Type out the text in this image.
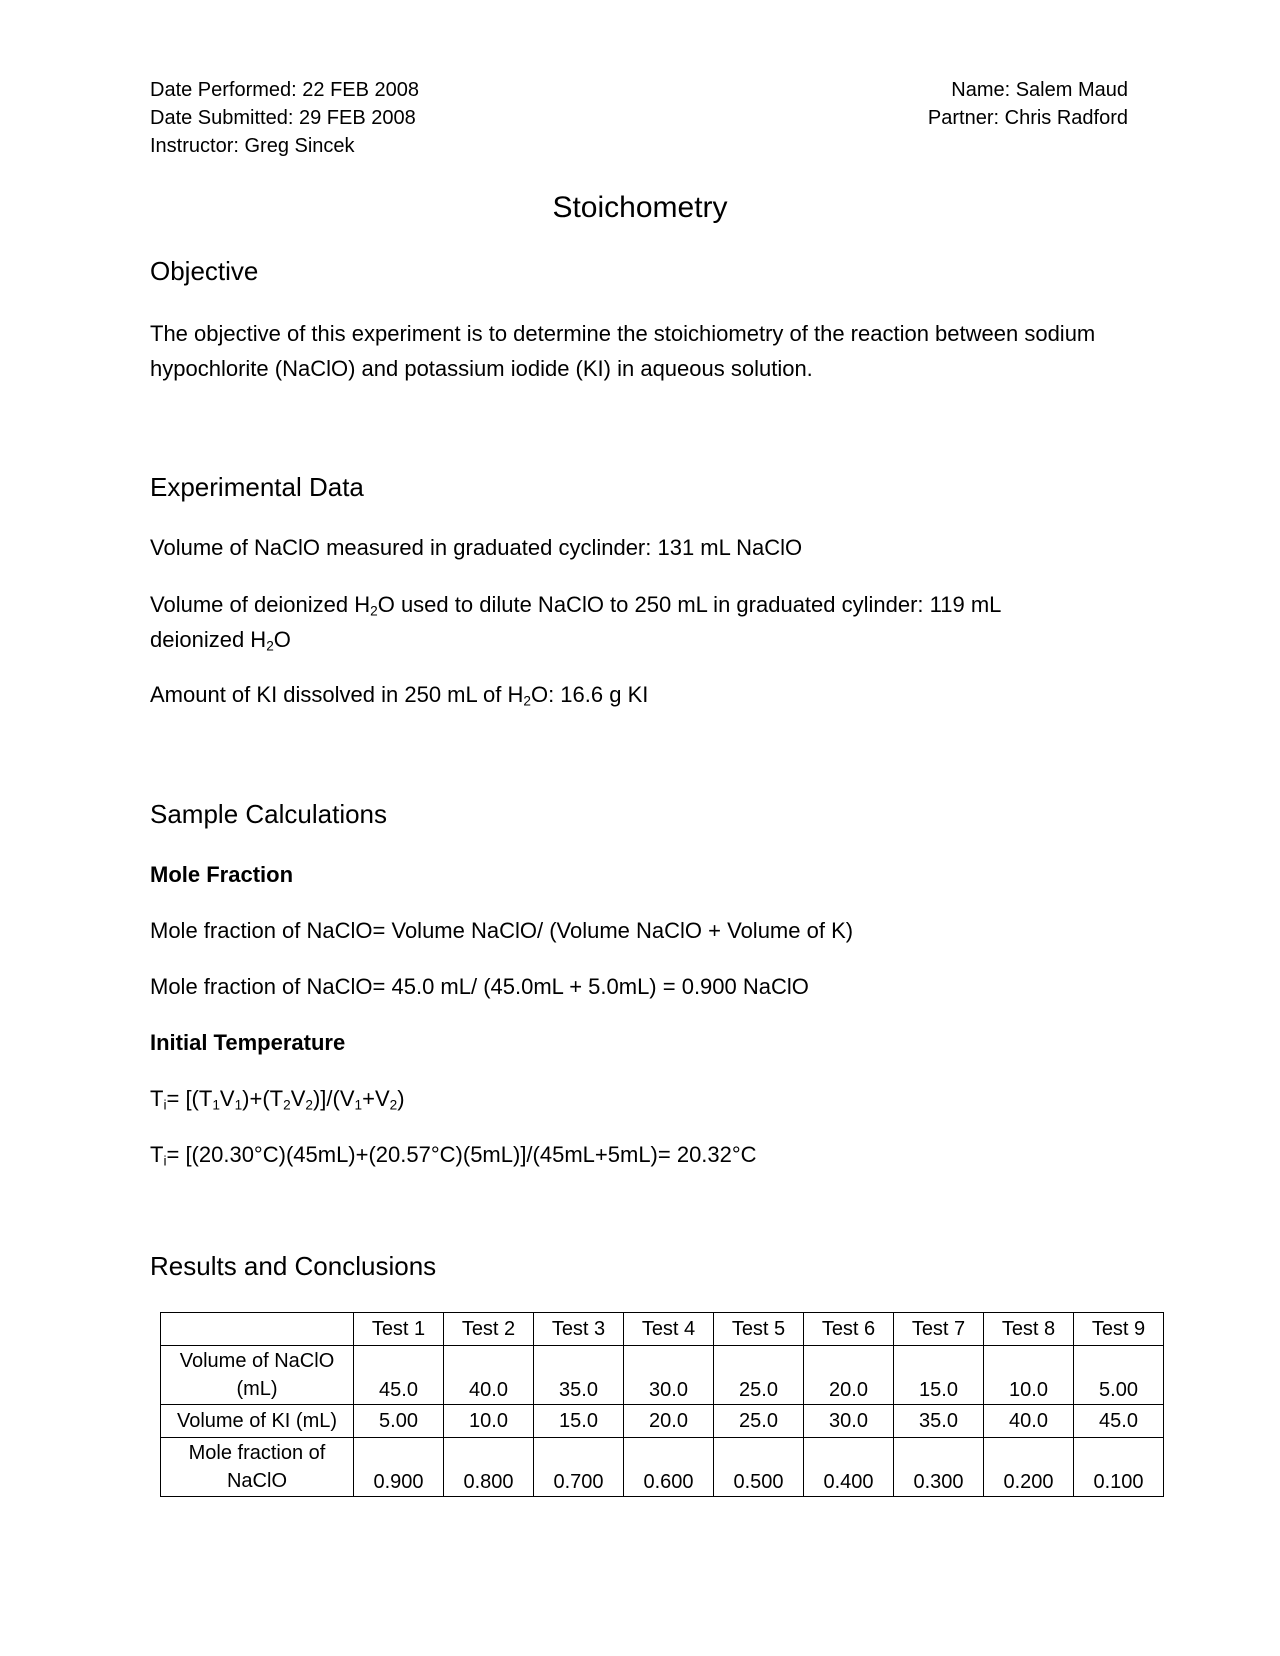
Date Performed: 22 FEB 2008
Date Submitted: 29 FEB 2008
Instructor: Greg Sincek
Name: Salem Maud
Partner: Chris Radford
Stoichometry
Objective
The objective of this experiment is to determine the stoichiometry of the reaction between sodium hypochlorite (NaClO) and potassium iodide (KI) in aqueous solution.
Experimental Data
Volume of NaClO measured in graduated cyclinder: 131 mL NaClO
Volume of deionized $H_2O$ used to dilute NaClO to 250 mL in graduated cylinder: 119 mL deionized $H_2O$
Amount of KI dissolved in 250 mL of $H_2O$: 16.6 g KI
Sample Calculations
Mole Fraction
Mole fraction of NaClO= Volume NaClO/ (Volume NaClO + Volume of K)
Mole fraction of NaClO= 45.0 mL/ (45.0mL + 5.0mL) = 0.900 NaClO
Initial Temperature
$T_i= [(T_1V_1)+(T_2V_2)]/(V_1+V_2)$
$T_i= [(20.30^\circ C)(45mL)+(20.57^\circ C)(5mL)]/(45mL+5mL)= 20.32^\circ C$
Results and Conclusions
	Test 1	Test 2	Test 3	Test 4	Test 5	Test 6	Test 7	Test 8	Test 9
Volume of NaClO (mL)	45.0	40.0	35.0	30.0	25.0	20.0	15.0	10.0	5.00
Volume of KI (mL)	5.00	10.0	15.0	20.0	25.0	30.0	35.0	40.0	45.0
Mole fraction of NaClO	0.900	0.800	0.700	0.600	0.500	0.400	0.300	0.200	0.100
